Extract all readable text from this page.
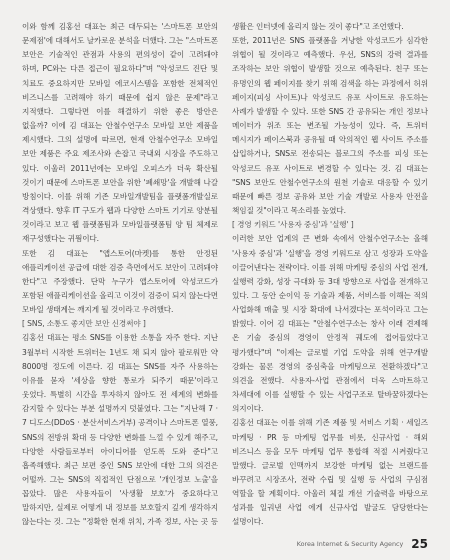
이와 함께 김홍선 대표는 최근 대두되는 '스마트폰 보안의 문제점'에 대해서도 날카로운 분석을 더했다. 그는 "스마트폰 보안은 기술적인 관점과 사용의 편의성이 같이 고려돼야 하며, PC와는 다른 접근이 필요하다"며 "악성코드 진단 및 치료도 중요하지만 모바일 에코시스템을 포함한 전체적인 비즈니스를 고려해야 하기 때문에 쉽지 않은 문제"라고 지적했다. 그렇다면 이를 해결하기 위한 좋은 방안은 없을까? 이에 김 대표는 안철수연구소 모바일 보안 제품을 제시했다. 그의 설명에 따르면, 현재 안철수연구소 모바일 보안 제품은 주요 제조사와 손잡고 국내외 시장을 주도하고 있다. 이울러 2011년에는 모바일 오피스가 더욱 확산될 것이기 때문에 스마트폰 보안을 위한 '폐쇄망'을 개발해 나갈 방침이다. 이를 위해 기존 모바일개발팀을 플랫폼개발실로 격상했다. 향후 IT 구도가 웹과 다양한 스마트 기기로 양분될 것이라고 보고 웹 플랫폼팀과 모바일플랫폼팀 양 팀 체제로 재구성했다는 귀띔이다.

또한 김 대표는 "앱스토어(마켓)를 통한 안정된 애플리케이션 공급에 대한 검증 측면에서도 보안이 고려돼야 한다"고 주장했다. 단막 누구가 앱스토어에 악성코드가 포함된 애플리케이션을 올리고 이것이 검증이 되지 않는다면 모바일 생태계는 깨지게 될 것이라고 우려했다.

[ SNS, 소통도 좋지만 보안 신경써야 ]

김홍선 대표는 평소 SNS를 이용한 소통을 자주 한다. 지난 3월부터 시작한 트위터는 1년도 채 되지 않아 팔로워만 약 8000명 정도에 이른다. 김 대표는 SNS를 자주 사용하는 이유를 묻자 '세상을 향한 통로가 되주기 때문'이라고 웃었다. 특별히 시간을 투자하지 않아도 전 세계의 변화를 감지할 수 있다는 부분 설명까지 덧붙였다. 그는 "지난해 7 · 7 디도스(DDoS · 분산서비스거부) 공격이나 스마트폰 열풍, SNS의 전방위 확대 등 다양한 변화를 느낄 수 있게 해주고, 다양한 사람들로부터 아이디어를 얻도록 도와 준다"고 흡족해했다. 최근 보편 중인 SNS 보안에 대한 그의 의견은 어떨까. 그는 SNS의 직접적인 단점으로 '개인정보 노출'을 꼽았다. 많은 사용자들이 '사생활 보호'가 중요하다고 말하지만, 실제로 어떻게 내 정보를 보호할지 깊게 생각하지 않는다는 것. 그는 "정확한 현재 위치, 가족 정보, 사는 곳 등

생활은 인터넷에 올리지 않는 것이 좋다"고 조언했다.

또한, 2011년은 SNS 플랫폼을 겨냥한 악성코드가 심각한 위협이 될 것이라고 예측했다. 우선, SNS의 강력 결과를 조작하는 보안 위협이 발생할 것으로 예측된다. 친구 또는 유명인의 웹 페이지를 찾기 위해 검색을 하는 과정에서 허위 페이지(피싱 사이트)나 악성코드 유포 사이트로 유도하는 사례가 발생할 수 있다. 또한 SNS 간 공유되는 개인 정보나 메이터가 위조 또는 변조될 가능성이 있다. 즉, 트위터 메시지가 페이스북과 공유될 때 악의적인 웹 사이트 주소를 삽입하거나, SNS로 전송되는 블로그의 주소를 피싱 또는 악성코드 유포 사이트로 변경할 수 있다는 것. 김 대표는 "SNS 보안도 안철수연구소의 원천 기술로 대응할 수 있기 때문에 빠른 정보 공유와 보안 기술 개발로 사용자 안전을 책임질 것"이라고 목소리를 높였다.

[ 경영 키워드 '사용자 중심'과 '실행' ]

이러한 보안 업계의 큰 변화 속에서 안철수연구소는 올해 '사용자 중심'과 '실행'을 경영 키워드로 삼고 성장과 도약을 이끌어낸다는 전략이다. 이를 위해 마케팅 중심의 사업 전개, 실행력 강화, 성장 극대화 등 3대 방향으로 사업을 전개하고 있다. 그 동안 순이익 등 기술과 제품, 서비스를 이해는 적의 사업화해 매출 및 시장 확대에 나서겠다는 포석이라고 그는 밝혔다. 이어 김 대표는 "안철수연구소는 창사 이래 견제해 온 기술 중심의 경영이 안정적 궤도에 접어들었다고 평가했다"며 "이제는 글로벌 기업 도약을 위해 연구개발 강화는 물론 경영의 중심축을 마케팅으로 전환하겠다"고 의견을 전했다. 사용자-사업 관점에서 더욱 스마트하고 차세대에 이를 실행할 수 있는 사업구조로 탈바꿈하겠다는 의지이다.

김홍선 대표는 이를 위해 기존 제품 및 서비스 기획 · 세일즈 마케팅 · PR 등 마케팅 업무를 비롯, 신규사업 · 해외 비즈니스 등을 모두 마케팅 업무 통합해 적절 시켜줬다고 말했다. 글로벌 인맥까지 보강한 마케팅 없는 브랜드를 바꾸려고 시장조사, 전략 수립 및 실행 등 사업의 구심점 역할을 할 계획이다. 아울러 체질 개선 기술력을 바탕으로 성과를 일궈낸 사업 에게 신규사업 발굴도 담당한다는 설명이다.

Korea Internet & Security Agency 25
